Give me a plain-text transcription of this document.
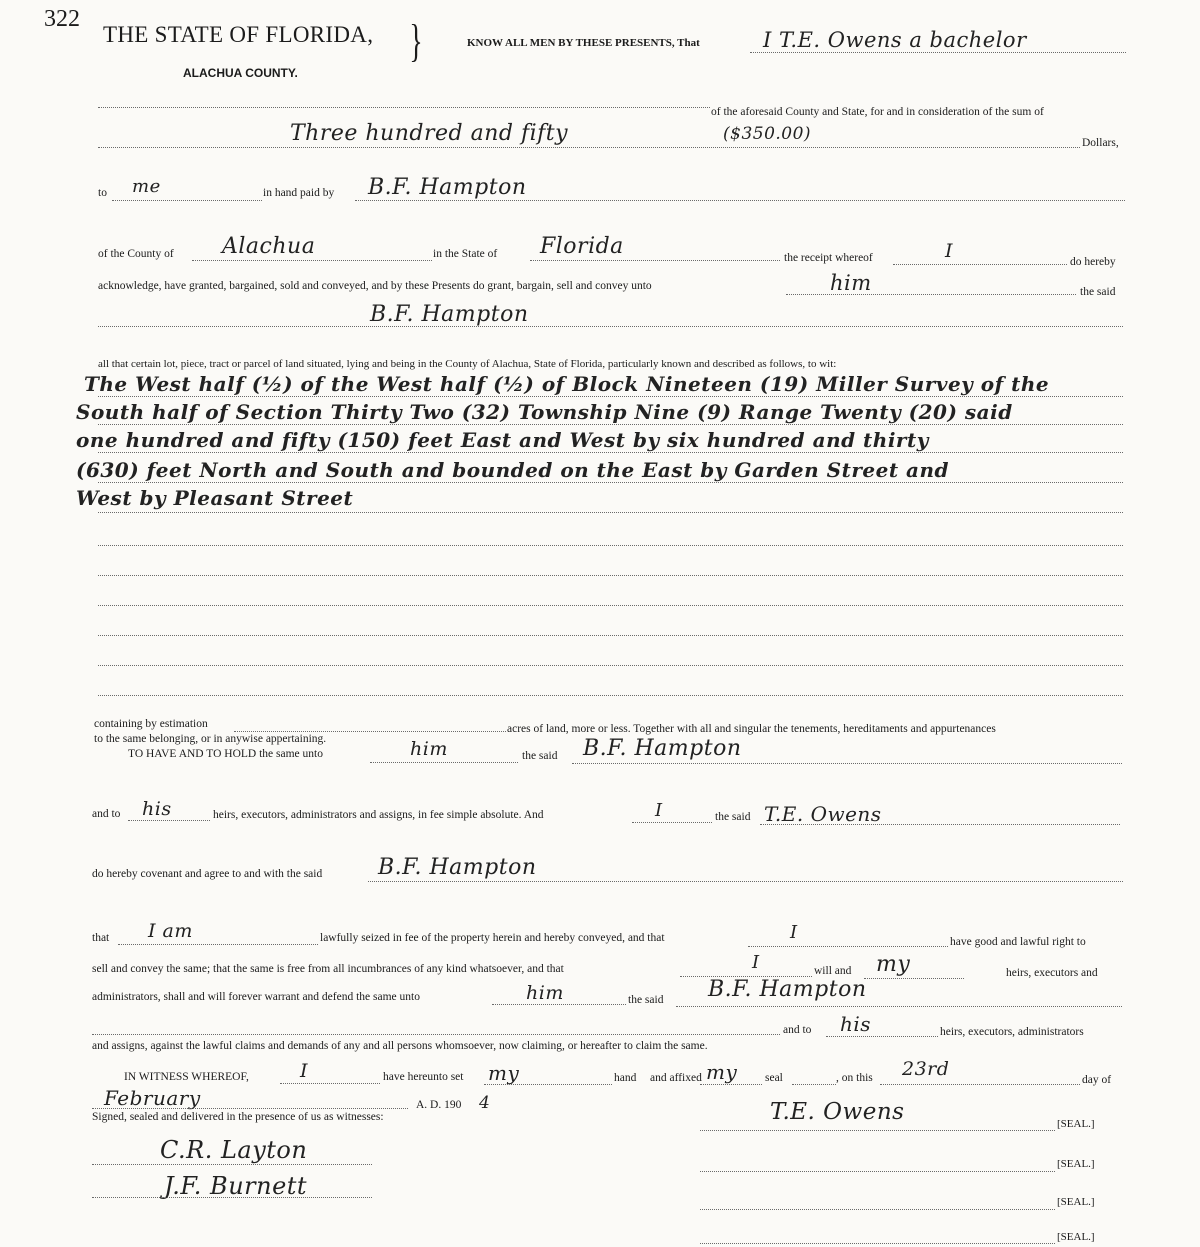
322
THE STATE OF FLORIDA,
ALACHUA COUNTY.
}	KNOW ALL MEN BY THESE PRESENTS, That	I T.E. Owens a bachelor
of the aforesaid County and State, for and in consideration of the sum of
Three hundred and fifty	($350.00)	Dollars,
to me	in hand paid by B.F. Hampton
of the County of Alachua	in the State of Florida	the receipt whereof	I	do hereby
acknowledge, have granted, bargained, sold and conveyed, and by these Presents do grant, bargain, sell and convey unto	him	the said
B.F. Hampton
all that certain lot, piece, tract or parcel of land situated, lying and being in the County of Alachua, State of Florida, particularly known and described as follows, to wit:
The West half (½) of the West half (½) of Block Nineteen (19) Miller Survey of the
South half of Section Thirty Two (32) Township Nine (9) Range Twenty (20) said
one hundred and fifty (150) feet East and West by six hundred and thirty
(630) feet North and South and bounded on the East by Garden Street and
West by Pleasant Street
containing by estimation	acres of land, more or less. Together with all and singular the tenements, hereditaments and appurtenances
to the same belonging, or in anywise appertaining.
TO HAVE AND TO HOLD the same unto	him	the said B.F. Hampton
and to his	heirs, executors, administrators and assigns, in fee simple absolute. And	I	the said T.E. Owens
do hereby covenant and agree to and with the said	B.F. Hampton
that I am	lawfully seized in fee of the property herein and hereby conveyed, and that	I	have good and lawful right to
sell and convey the same; that the same is free from all incumbrances of any kind whatsoever, and that	I	will and my	heirs, executors and
administrators, shall and will forever warrant and defend the same unto	him	the said B.F. Hampton
and to his	heirs, executors, administrators
and assigns, against the lawful claims and demands of any and all persons whomsoever, now claiming, or hereafter to claim the same.
IN WITNESS WHEREOF,	I	have hereunto set my	hand and affixed my seal	, on this 23rd	day of
February	A. D. 190 4	T.E. Owens
Signed, sealed and delivered in the presence of us as witnesses:
C.R. Layton
J.F. Burnett
[SEAL.]
[SEAL.]
[SEAL.]
[SEAL.]
